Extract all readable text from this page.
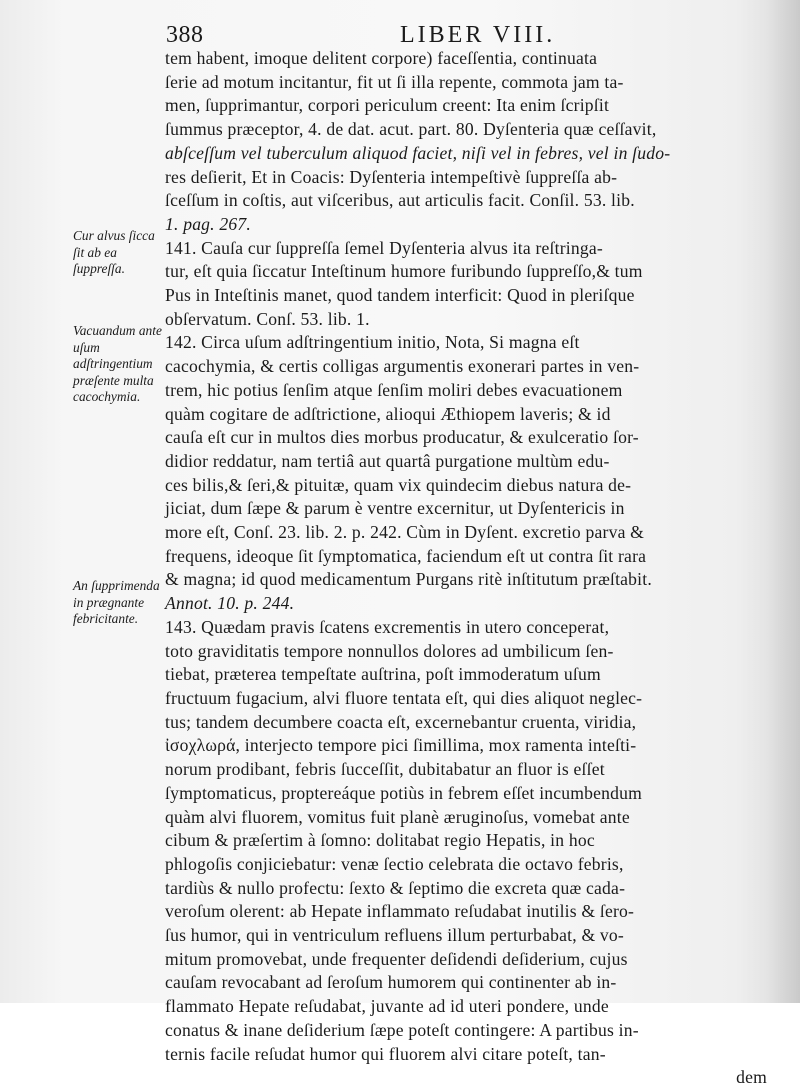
388	LIBER VIII.
Cur alvus ſicca ſit ab ea ſuppreſſa.
Vacuandum ante uſum adſtringentium præſente multa cacochymia.
An ſupprimenda in prægnante febricitante.
tem habent, imoque delitent corpore) faceſſentia, continuata
ſerie ad motum incitantur, fit ut ſi illa repente, commota jam ta-
men, ſupprimantur, corpori periculum creent: Ita enim ſcripſit
ſummus præceptor, 4. de dat. acut. part. 80. Dyſenteria quæ ceſſavit,
abſceſſum vel tuberculum aliquod faciet, niſi vel in febres, vel in ſudo-
res deſierit, Et in Coacis: Dyſenteria intempeſtivè ſuppreſſa ab-
ſceſſum in coſtis, aut viſceribus, aut articulis facit. Conſil. 53. lib.
1. pag. 267.
141. Cauſa cur ſuppreſſa ſemel Dyſenteria alvus ita reſtringa-
tur, eſt quia ſiccatur Inteſtinum humore furibundo ſuppreſſo,& tum
Pus in Inteſtinis manet, quod tandem interficit: Quod in pleriſque
obſervatum. Conſ. 53. lib. 1.
142. Circa uſum adſtringentium initio, Nota, Si magna eſt
cacochymia, & certis colligas argumentis exonerari partes in ven-
trem, hic potius ſenſim atque ſenſim moliri debes evacuationem
quàm cogitare de adſtrictione, alioqui Æthiopem laveris; & id
cauſa eſt cur in multos dies morbus producatur, & exulceratio ſor-
didior reddatur, nam tertiâ aut quartâ purgatione multùm edu-
ces bilis,& ſeri,& pituitæ, quam vix quindecim diebus natura de-
jiciat, dum ſæpe & parum è ventre excernitur, ut Dyſentericis in
more eſt, Conſ. 23. lib. 2. p. 242. Cùm in Dyſent. excretio parva &
frequens, ideoque ſit ſymptomatica, faciendum eſt ut contra ſit rara
& magna; id quod medicamentum Purgans ritè inſtitutum præſtabit.
Annot. 10. p. 244.
143. Quædam pravis ſcatens excrementis in utero conceperat,
toto graviditatis tempore nonnullos dolores ad umbilicum ſen-
tiebat, præterea tempeſtate auſtrina, poſt immoderatum uſum
fructuum fugacium, alvi fluore tentata eſt, qui dies aliquot neglec-
tus; tandem decumbere coacta eſt, excernebantur cruenta, viridia,
ἰσοχλωρά, interjecto tempore pici ſimillima, mox ramenta inteſti-
norum prodibant, febris ſucceſſit, dubitabatur an fluor is eſſet
ſymptomaticus, proptereáque potiùs in febrem eſſet incumbendum
quàm alvi fluorem, vomitus fuit planè æruginoſus, vomebat ante
cibum & præſertim à ſomno: dolitabat regio Hepatis, in hoc
phlogoſis conjiciebatur: venæ ſectio celebrata die octavo febris,
tardiùs & nullo profectu: ſexto & ſeptimo die excreta quæ cada-
veroſum olerent: ab Hepate inflammato reſudabat inutilis & ſero-
ſus humor, qui in ventriculum refluens illum perturbabat, & vo-
mitum promovebat, unde frequenter deſidendi deſiderium, cujus
cauſam revocabant ad ſeroſum humorem qui continenter ab in-
flammato Hepate reſudabat, juvante ad id uteri pondere, unde
conatus & inane deſiderium ſæpe poteſt contingere: A partibus in-
ternis facile reſudat humor qui fluorem alvi citare poteſt, tan-
dem
